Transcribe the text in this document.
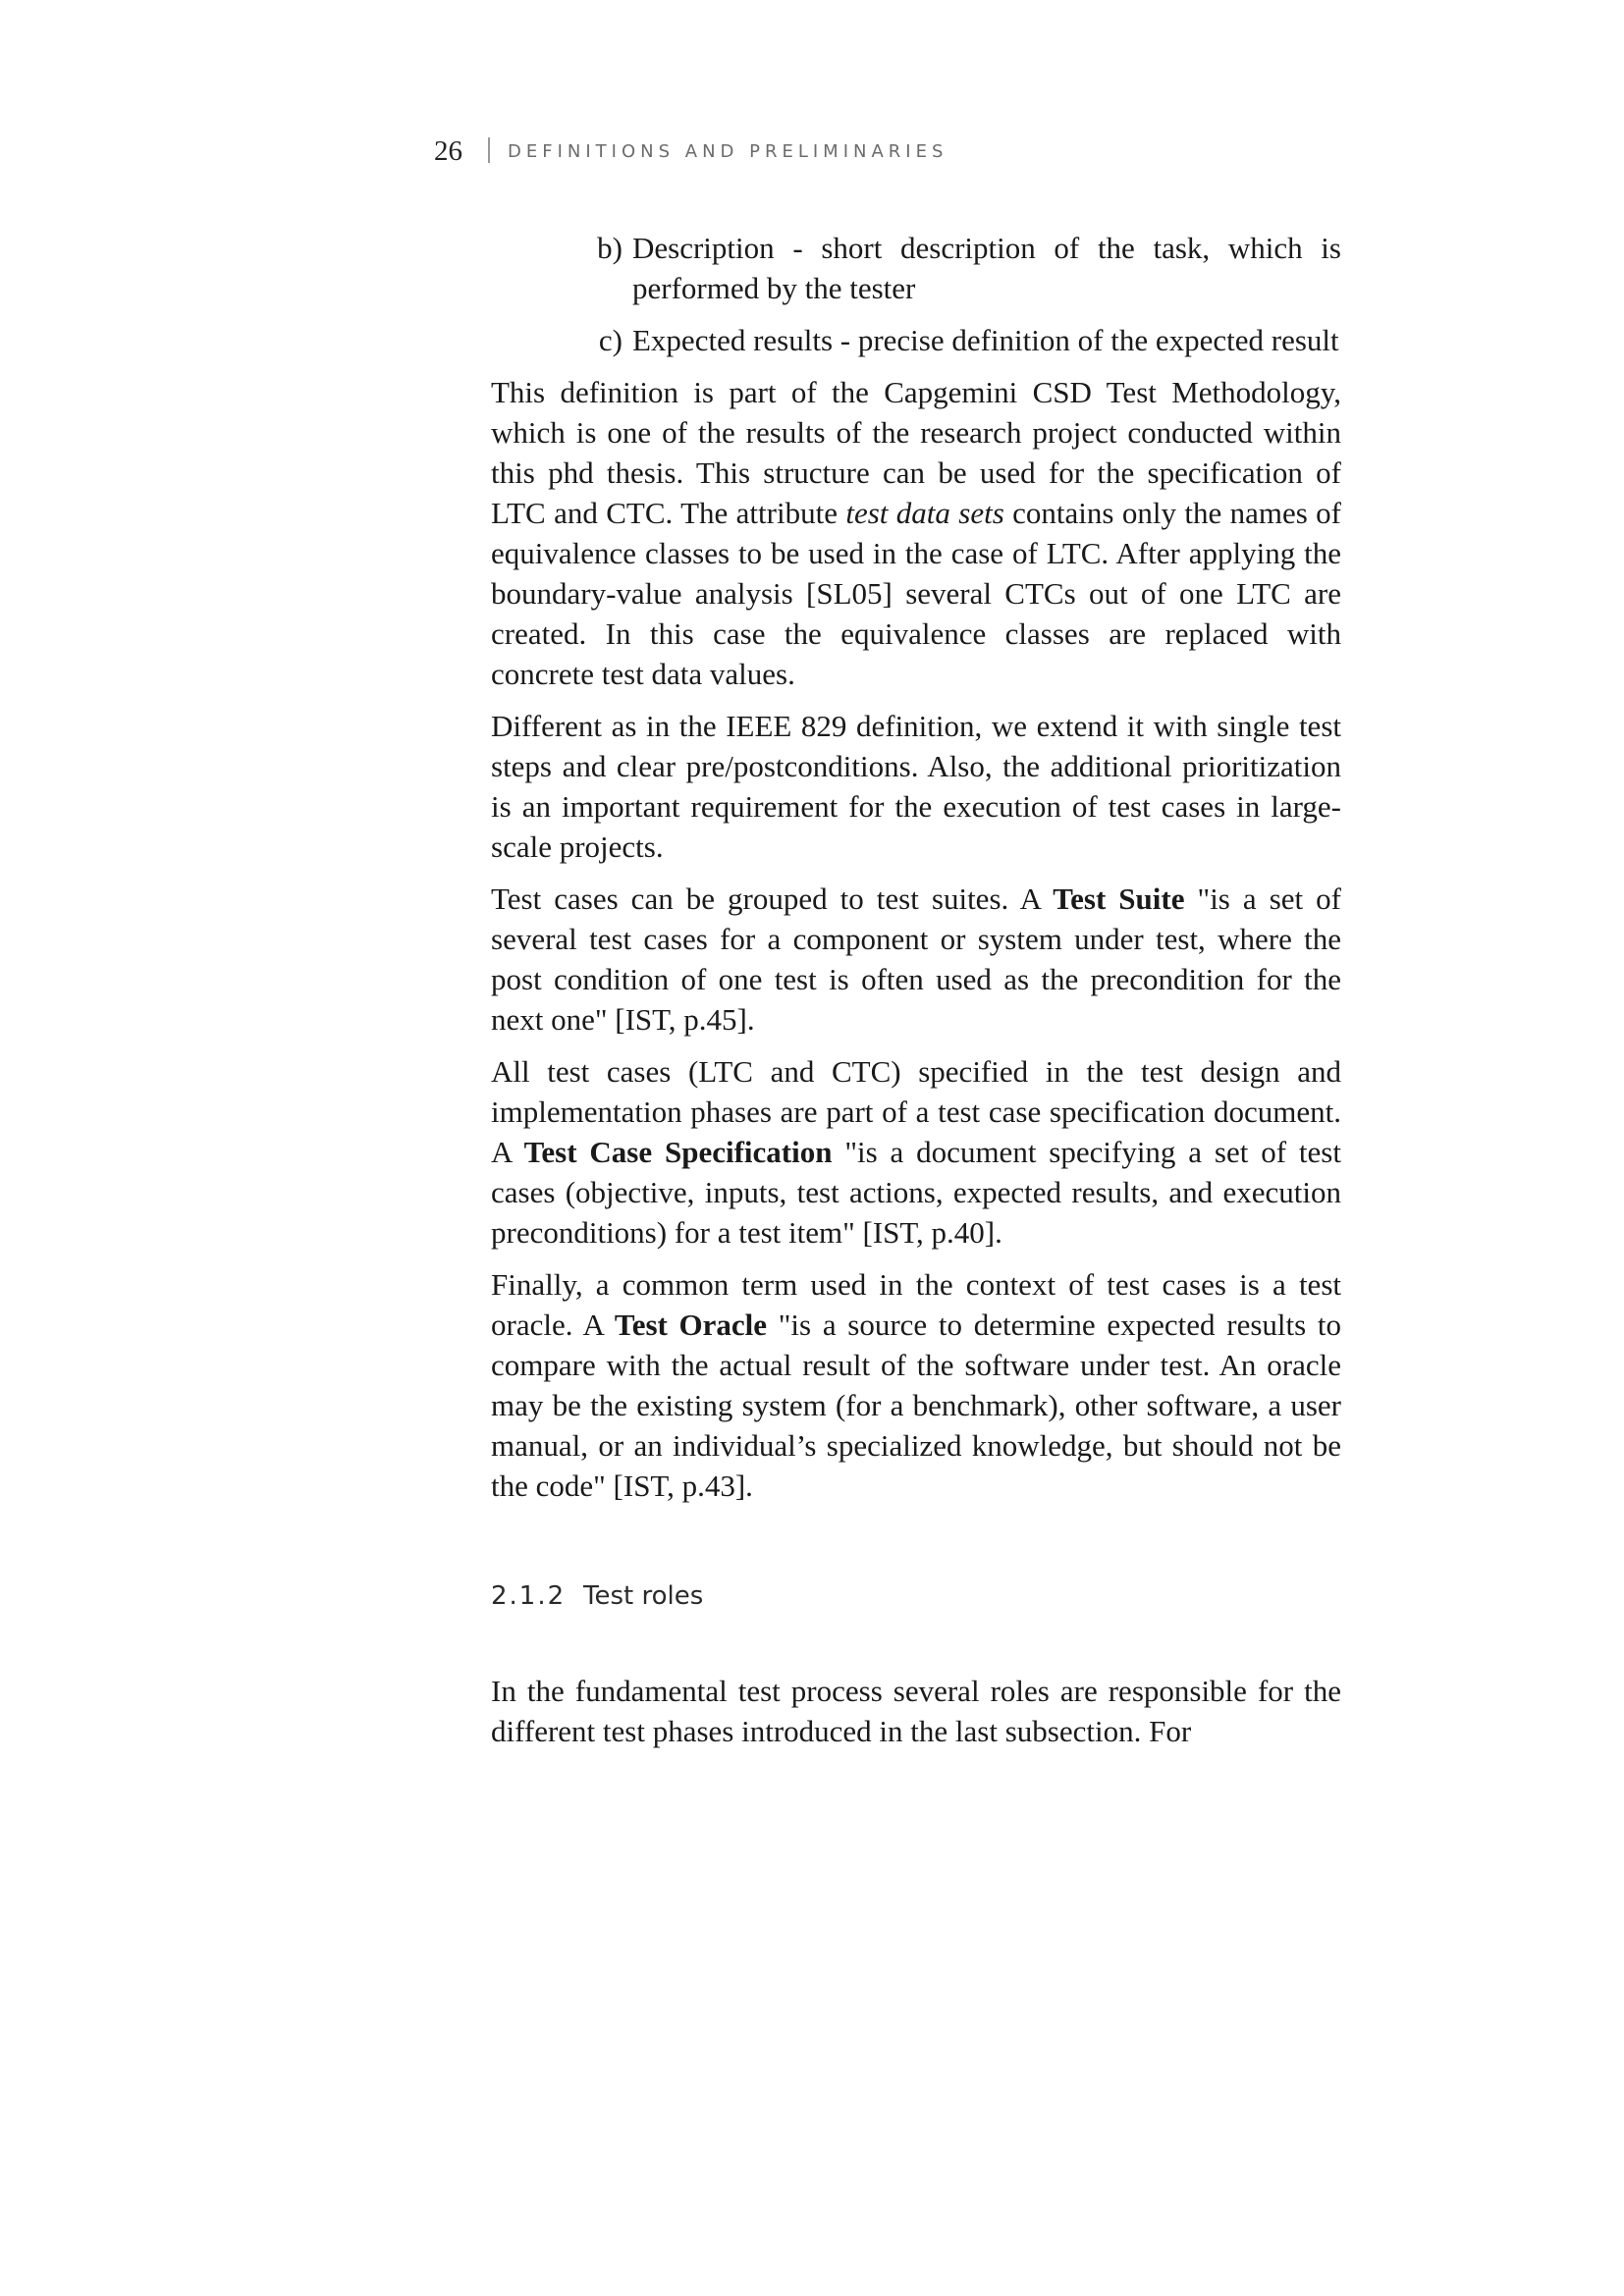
26	DEFINITIONS AND PRELIMINARIES
b) Description - short description of the task, which is performed by the tester
c) Expected results - precise definition of the expected result

This definition is part of the Capgemini CSD Test Methodology, which is one of the results of the research project conducted within this phd thesis. This structure can be used for the specification of LTC and CTC. The attribute test data sets contains only the names of equivalence classes to be used in the case of LTC. After applying the boundary-value analysis [SL05] several CTCs out of one LTC are created. In this case the equivalence classes are replaced with concrete test data values.

Different as in the IEEE 829 definition, we extend it with single test steps and clear pre/postconditions. Also, the additional prioritization is an important requirement for the execution of test cases in large-scale projects.

Test cases can be grouped to test suites. A Test Suite "is a set of several test cases for a component or system under test, where the post condition of one test is often used as the precondition for the next one" [IST, p.45].

All test cases (LTC and CTC) specified in the test design and implementation phases are part of a test case specification document. A Test Case Specification "is a document specifying a set of test cases (objective, inputs, test actions, expected results, and execution preconditions) for a test item" [IST, p.40].

Finally, a common term used in the context of test cases is a test oracle. A Test Oracle "is a source to determine expected results to compare with the actual result of the software under test. An oracle may be the existing system (for a benchmark), other software, a user manual, or an individual’s specialized knowledge, but should not be the code" [IST, p.43].

2.1.2 Test roles

In the fundamental test process several roles are responsible for the different test phases introduced in the last subsection. For
